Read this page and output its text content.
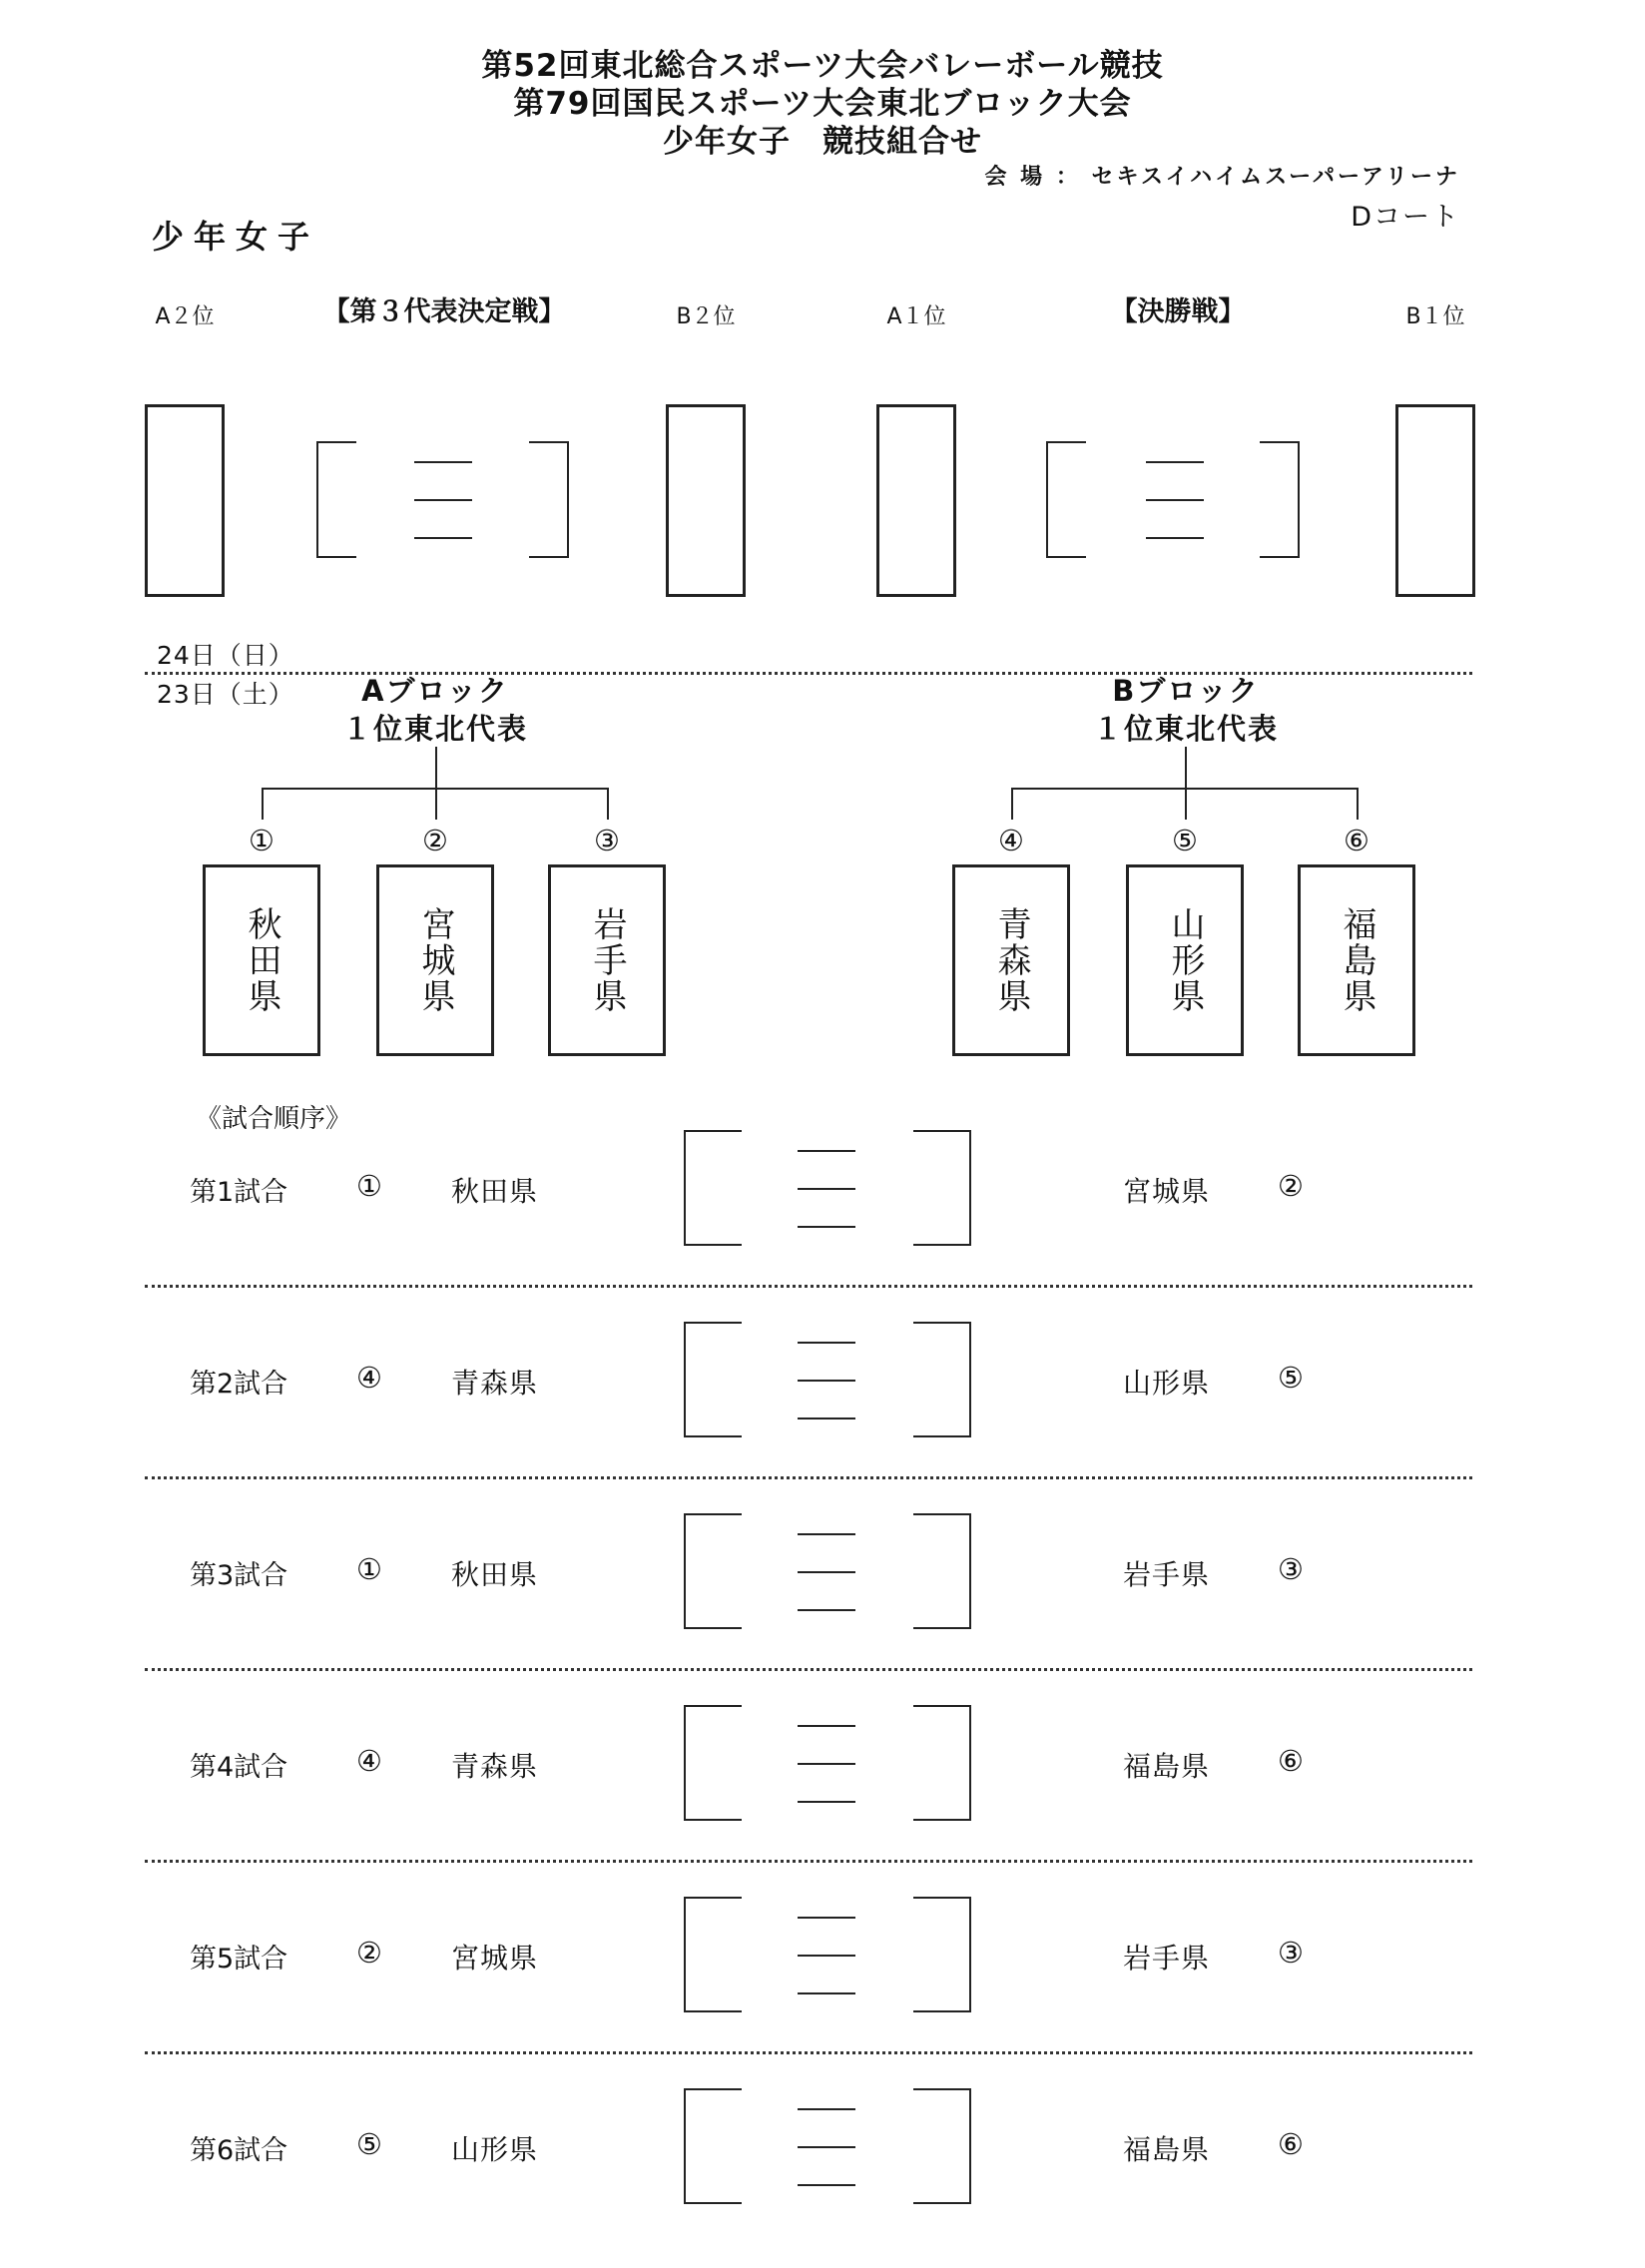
第52回東北総合スポーツ大会バレーボール競技
第79回国民スポーツ大会東北ブロック大会
少年女子　競技組合せ
会 場 ： セキスイハイムスーパーアリーナ
Dコート
少年女子
【第３代表決定戦】	【決勝戦】
A２位	B２位	A１位	B１位
24日（日）
23日（土）	Aブロック
１位東北代表
Bブロック
１位東北代表
①	②	③
秋田県	宮城県	岩手県
④	⑤	⑥
青森県	山形県	福島県
《試合順序》
第1試合	①	秋田県	宮城県	②
第2試合	④	青森県	山形県	⑤
第3試合	①	秋田県	岩手県	③
第4試合	④	青森県	福島県	⑥
第5試合	②	宮城県	岩手県	③
第6試合	⑤	山形県	福島県	⑥
